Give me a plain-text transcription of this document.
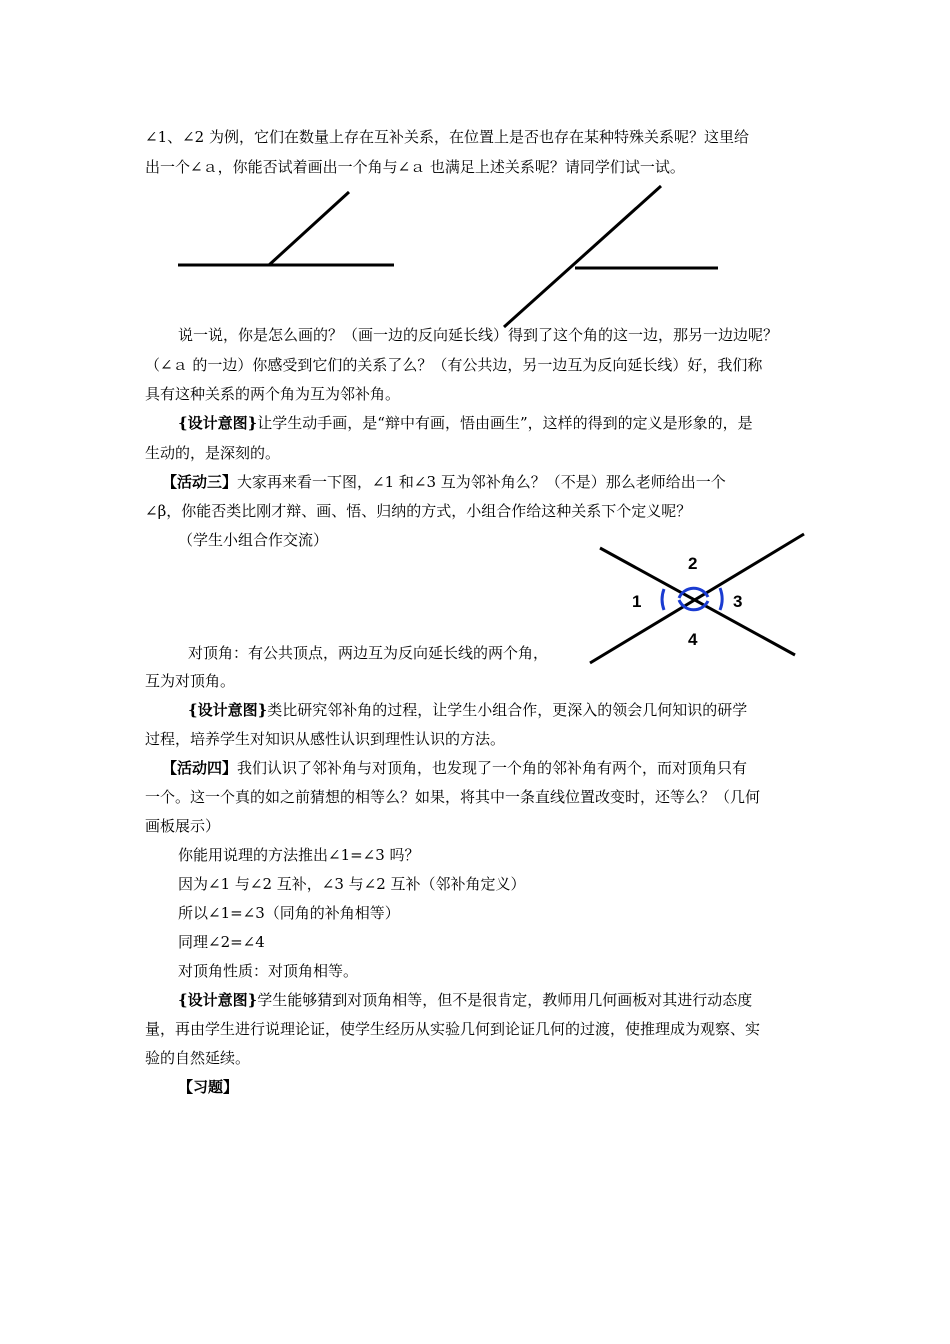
2
1	3
4
∠1、∠2 为例，它们在数量上存在互补关系，在位置上是否也存在某种特殊关系呢？这里给
出一个∠ａ，你能否试着画出一个角与∠ａ 也满足上述关系呢？请同学们试一试。
说一说，你是怎么画的？（画一边的反向延长线）得到了这个角的这一边，那另一边边呢？
（∠ａ 的一边）你感受到它们的关系了么？（有公共边，另一边互为反向延长线）好，我们称
具有这种关系的两个角为互为邻补角。
{设计意图}让学生动手画，是“辩中有画，悟由画生”，这样的得到的定义是形象的，是
生动的，是深刻的。
【活动三】大家再来看一下图，∠1 和∠3 互为邻补角么？（不是）那么老师给出一个
∠β，你能否类比刚才辩、画、悟、归纳的方式，小组合作给这种关系下个定义呢？
（学生小组合作交流）
对顶角：有公共顶点，两边互为反向延长线的两个角，
互为对顶角。
{设计意图}类比研究邻补角的过程，让学生小组合作，更深入的领会几何知识的研学
过程，培养学生对知识从感性认识到理性认识的方法。
【活动四】我们认识了邻补角与对顶角，也发现了一个角的邻补角有两个，而对顶角只有
一个。这一个真的如之前猜想的相等么？如果，将其中一条直线位置改变时，还等么？（几何
画板展示）
你能用说理的方法推出∠1=∠3 吗？
因为∠1 与∠2 互补，∠3 与∠2 互补（邻补角定义）
所以∠1=∠3（同角的补角相等）
同理∠2=∠4
对顶角性质：对顶角相等。
{设计意图}学生能够猜到对顶角相等，但不是很肯定，教师用几何画板对其进行动态度
量，再由学生进行说理论证，使学生经历从实验几何到论证几何的过渡，使推理成为观察、实
验的自然延续。
【习题】
